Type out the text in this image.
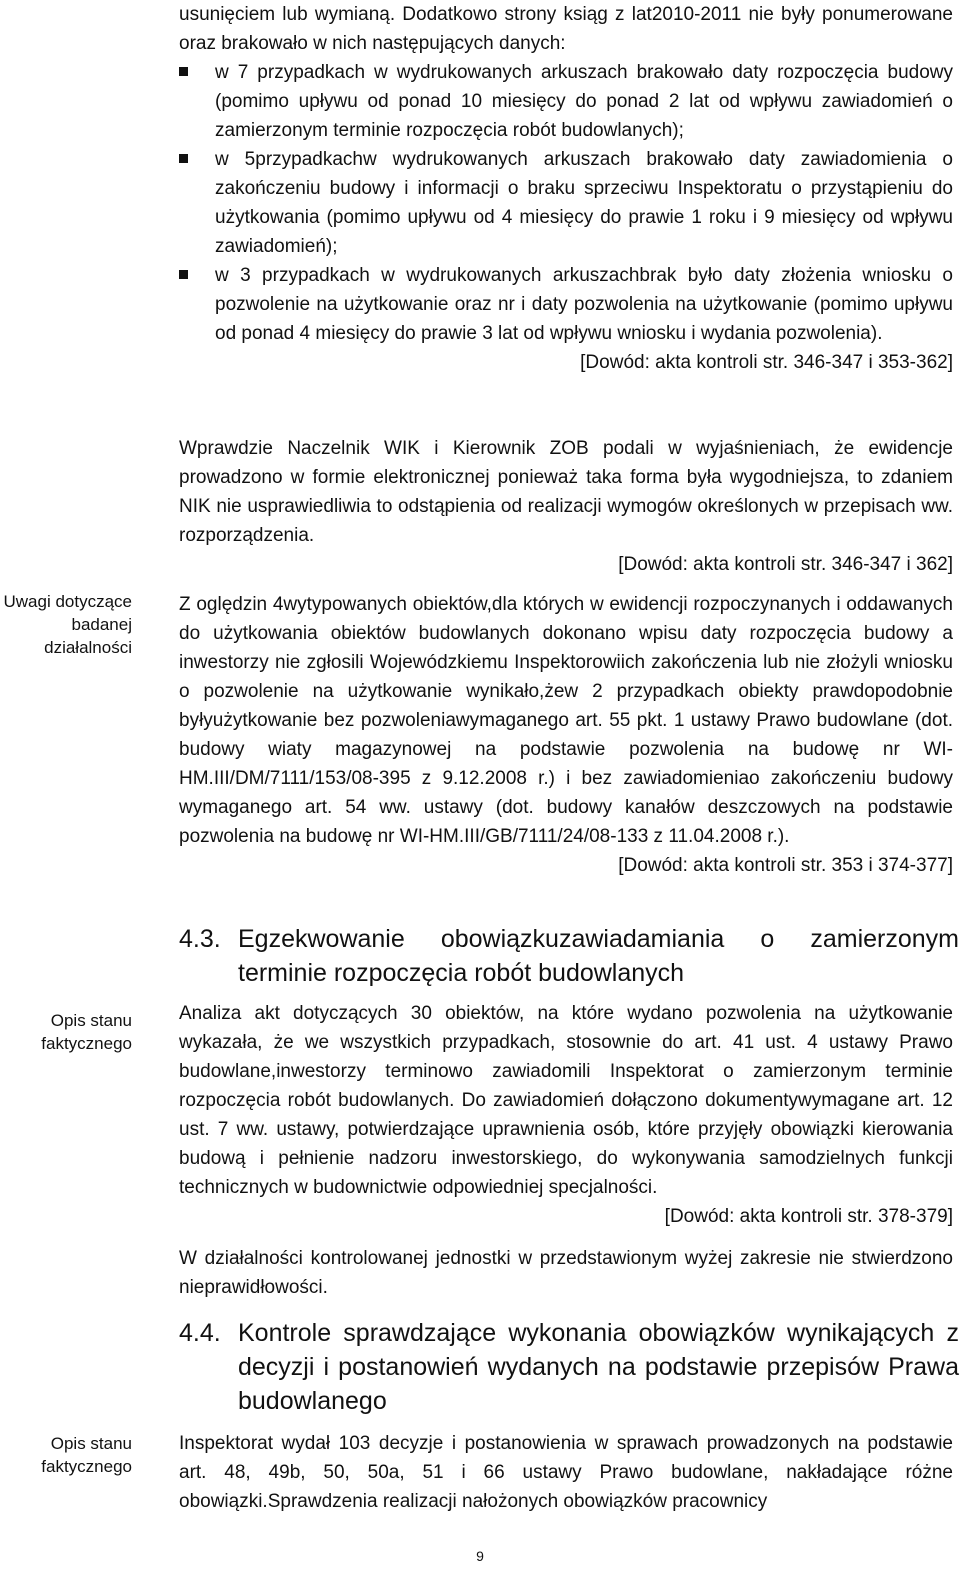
Uwagi dotyczące badanej działalności
Opis stanu faktycznego
Opis stanu faktycznego

usunięciem lub wymianą. Dodatkowo strony ksiąg z lat2010-2011 nie były ponumerowane oraz brakowało w nich następujących danych:

w 7 przypadkach w wydrukowanych arkuszach brakowało daty rozpoczęcia budowy (pomimo upływu od ponad 10 miesięcy do ponad 2 lat od wpływu zawiadomień o zamierzonym terminie rozpoczęcia robót budowlanych);
w 5przypadkachw wydrukowanych arkuszach brakowało daty zawiadomienia o zakończeniu budowy i informacji o braku sprzeciwu Inspektoratu o przystąpieniu do użytkowania (pomimo upływu od 4 miesięcy do prawie 1 roku i 9 miesięcy od wpływu zawiadomień);
w 3 przypadkach w wydrukowanych arkuszachbrak było daty złożenia wniosku o pozwolenie na użytkowanie oraz nr i daty pozwolenia na użytkowanie (pomimo upływu od ponad 4 miesięcy do prawie 3 lat od wpływu wniosku i wydania pozwolenia).

[Dowód: akta kontroli str. 346-347 i 353-362]

Wprawdzie Naczelnik WIK i Kierownik ZOB podali w wyjaśnieniach, że ewidencje prowadzono w formie elektronicznej ponieważ taka forma była wygodniejsza, to zdaniem NIK nie usprawiedliwia to odstąpienia od realizacji wymogów określonych w przepisach ww. rozporządzenia.

[Dowód: akta kontroli str. 346-347 i 362]

Z oględzin 4wytypowanych obiektów,dla których w ewidencji rozpoczynanych i oddawanych do użytkowania obiektów budowlanych dokonano wpisu daty rozpoczęcia budowy a inwestorzy nie zgłosili Wojewódzkiemu Inspektorowiich zakończenia lub nie złożyli wniosku o pozwolenie na użytkowanie wynikało,żew 2 przypadkach obiekty prawdopodobnie byłyużytkowanie bez pozwoleniawymaganego art. 55 pkt. 1 ustawy Prawo budowlane (dot. budowy wiaty magazynowej na podstawie pozwolenia na budowę nr WI-HM.III/DM/7111/153/08-395 z 9.12.2008 r.) i bez zawiadomieniao zakończeniu budowy wymaganego art. 54 ww. ustawy (dot. budowy kanałów deszczowych na podstawie pozwolenia na budowę nr WI-HM.III/GB/7111/24/08-133 z 11.04.2008 r.).

[Dowód: akta kontroli str. 353 i 374-377]

4.3. Egzekwowanie obowiązkuzawiadamiania o zamierzonym terminie rozpoczęcia robót budowlanych

Analiza akt dotyczących 30 obiektów, na które wydano pozwolenia na użytkowanie wykazała, że we wszystkich przypadkach, stosownie do art. 41 ust. 4 ustawy Prawo budowlane,inwestorzy terminowo zawiadomili Inspektorat o zamierzonym terminie rozpoczęcia robót budowlanych. Do zawiadomień dołączono dokumentywymagane art. 12 ust. 7 ww. ustawy, potwierdzające uprawnienia osób, które przyjęły obowiązki kierowania budową i pełnienie nadzoru inwestorskiego, do wykonywania samodzielnych funkcji technicznych w budownictwie odpowiedniej specjalności.

[Dowód: akta kontroli str. 378-379]

W działalności kontrolowanej jednostki w przedstawionym wyżej zakresie nie stwierdzono nieprawidłowości.

4.4. Kontrole sprawdzające wykonania obowiązków wynikających z decyzji i postanowień wydanych na podstawie przepisów Prawa budowlanego

Inspektorat wydał 103 decyzje i postanowienia w sprawach prowadzonych na podstawie art. 48, 49b, 50, 50a, 51 i 66 ustawy Prawo budowlane, nakładające różne obowiązki.Sprawdzenia realizacji nałożonych obowiązków pracownicy

9
